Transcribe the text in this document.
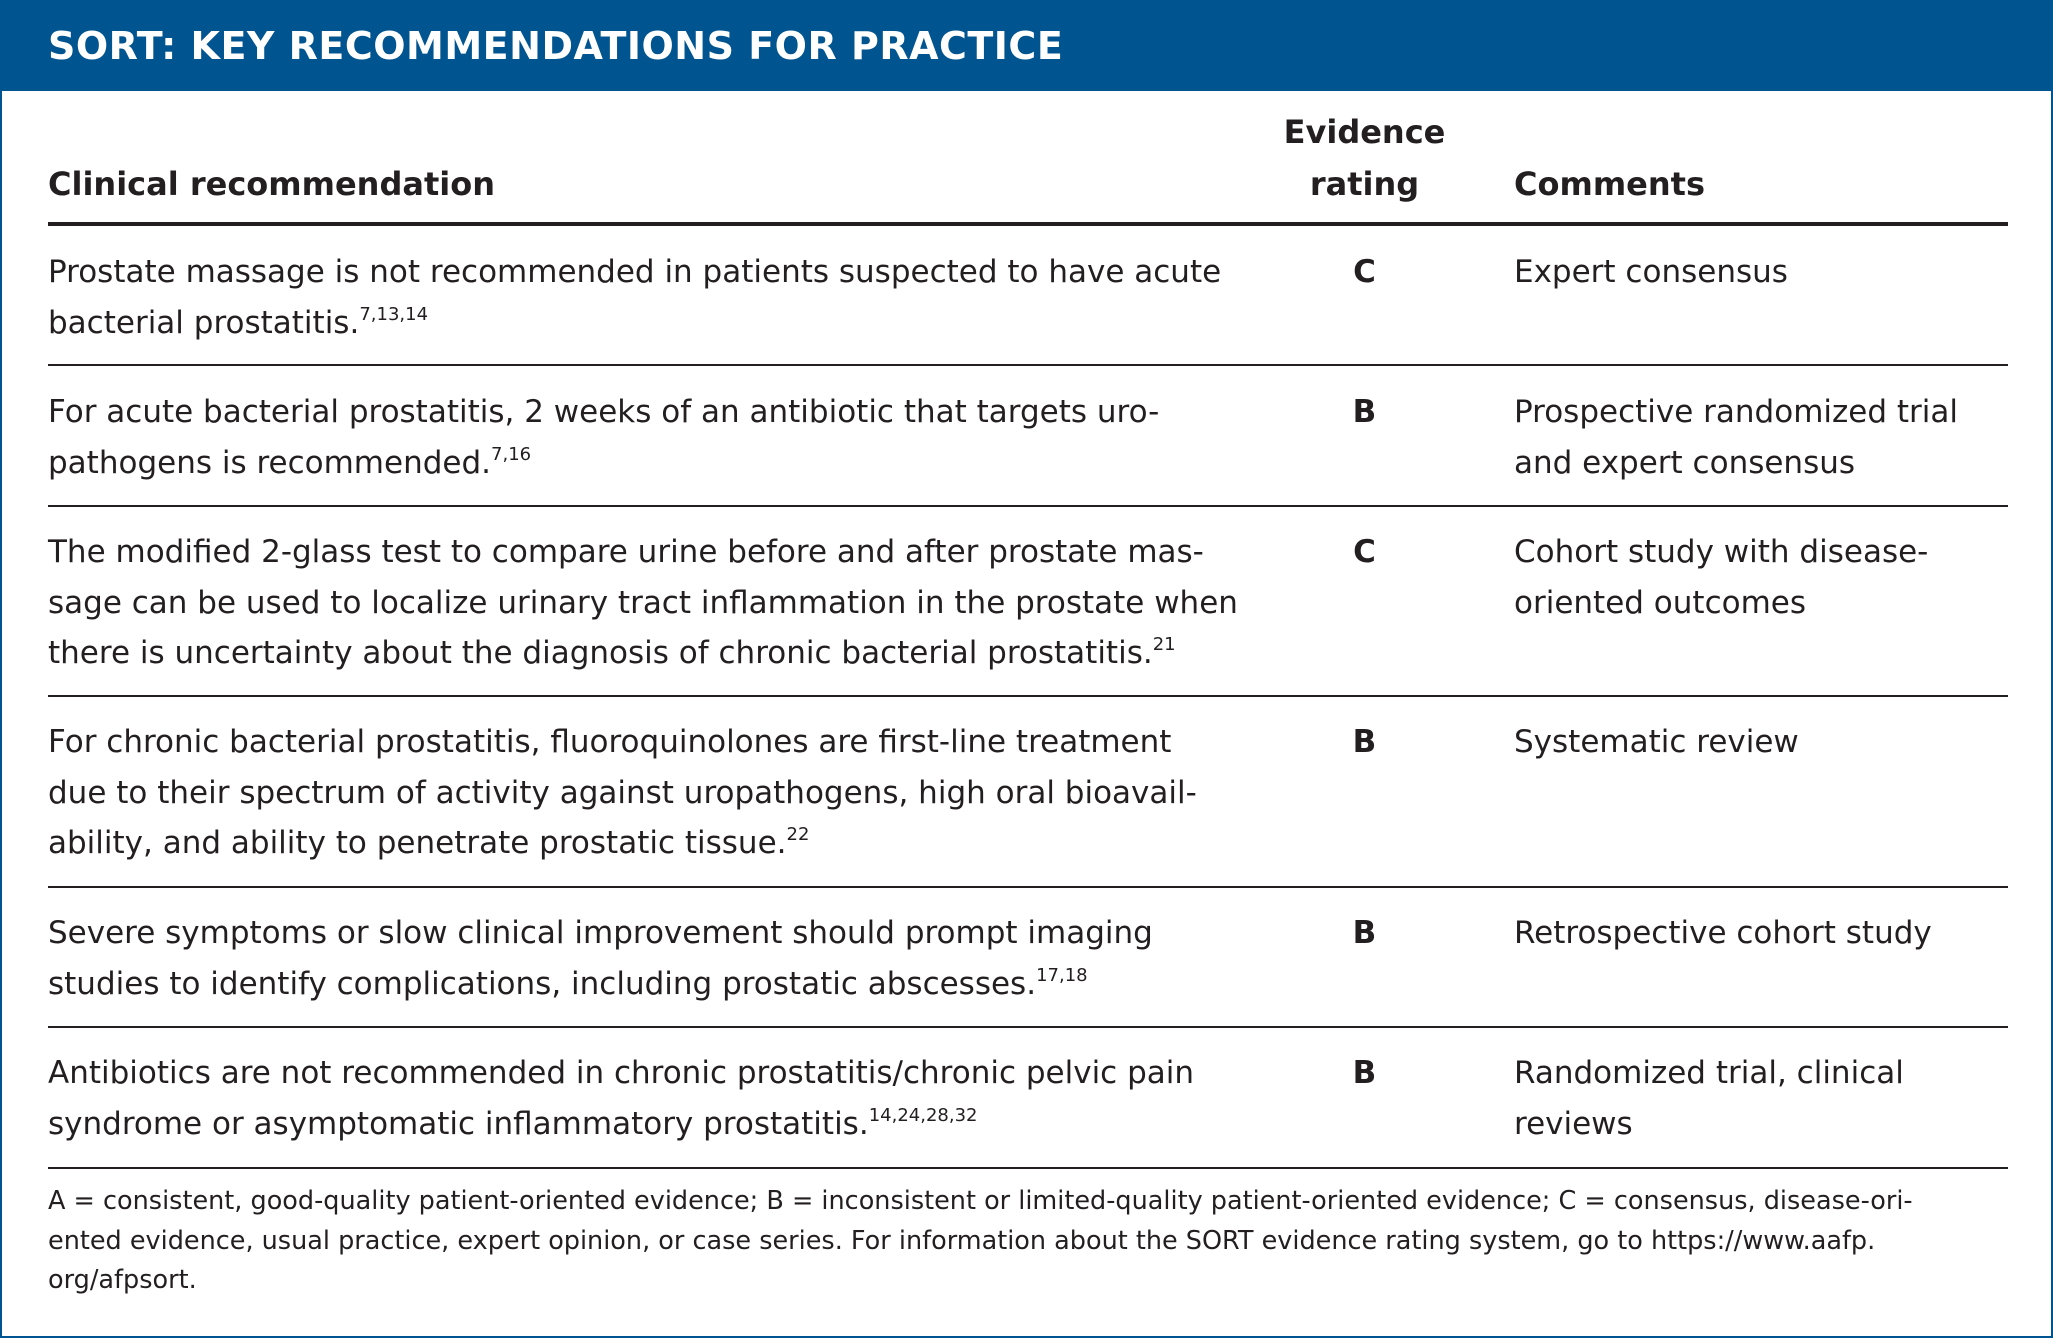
SORT: KEY RECOMMENDATIONS FOR PRACTICE
Clinical recommendation
Evidence
rating	Comments
Prostate massage is not recommended in patients suspected to have acute
bacterial prostatitis.$^{7,13,14}$
C	Expert consensus
For acute bacterial prostatitis, 2 weeks of an antibiotic that targets uro-
pathogens is recommended.$^{7,16}$
B	Prospective randomized trial
and expert consensus
The modified 2-glass test to compare urine before and after prostate mas-
sage can be used to localize urinary tract inflammation in the prostate when
there is uncertainty about the diagnosis of chronic bacterial prostatitis.$^{21}$
C	Cohort study with disease-
oriented outcomes
For chronic bacterial prostatitis, fluoroquinolones are first-line treatment
due to their spectrum of activity against uropathogens, high oral bioavail-
ability, and ability to penetrate prostatic tissue.$^{22}$
B	Systematic review
Severe symptoms or slow clinical improvement should prompt imaging
studies to identify complications, including prostatic abscesses.$^{17,18}$
B	Retrospective cohort study
Antibiotics are not recommended in chronic prostatitis/chronic pelvic pain
syndrome or asymptomatic inflammatory prostatitis.$^{14,24,28,32}$
B	Randomized trial, clinical
reviews
A = consistent, good-quality patient-oriented evidence; B = inconsistent or limited-quality patient-oriented evidence; C = consensus, disease-ori-
ented evidence, usual practice, expert opinion, or case series. For information about the SORT evidence rating system, go to https://www.aafp.
org/afpsort.
